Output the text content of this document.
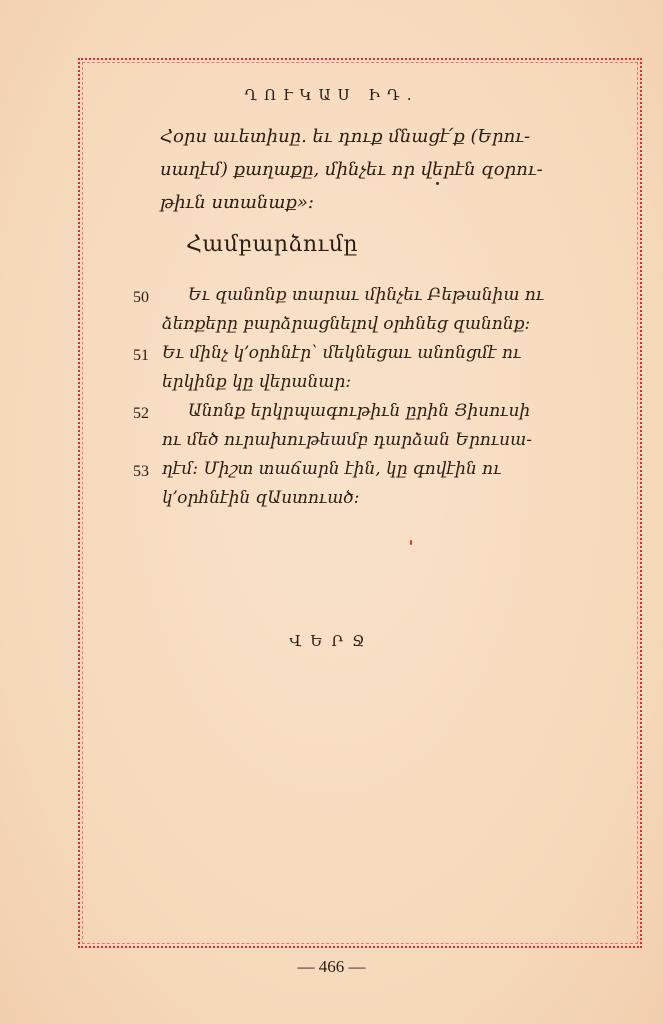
ՂՈՒԿԱՍ ԻԴ.
Հօրս աւետիսը. եւ դուք մնացէ՛ք (Երու-
սաղէմ) քաղաքը, մինչեւ որ վերէն զօրու-
թիւն ստանաք»:
Համբարձումը
50	Եւ զանոնք տարաւ մինչեւ Բեթանիա ու
ձեռքերը բարձրացնելով օրհնեց զանոնք:
51 Եւ մինչ կ՚օրհնէր՝ մեկնեցաւ անոնցմէ ու
երկինք կը վերանար:
52	Անոնք երկրպագութիւն ըրին Յիսուսի
ու մեծ ուրախութեամբ դարձան Երուսա-
53 ղէմ: Միշտ տաճարն էին, կը գովէին ու
կ՚օրհնէին զԱստուած:
ՎԵՐՋ
— 466 —
